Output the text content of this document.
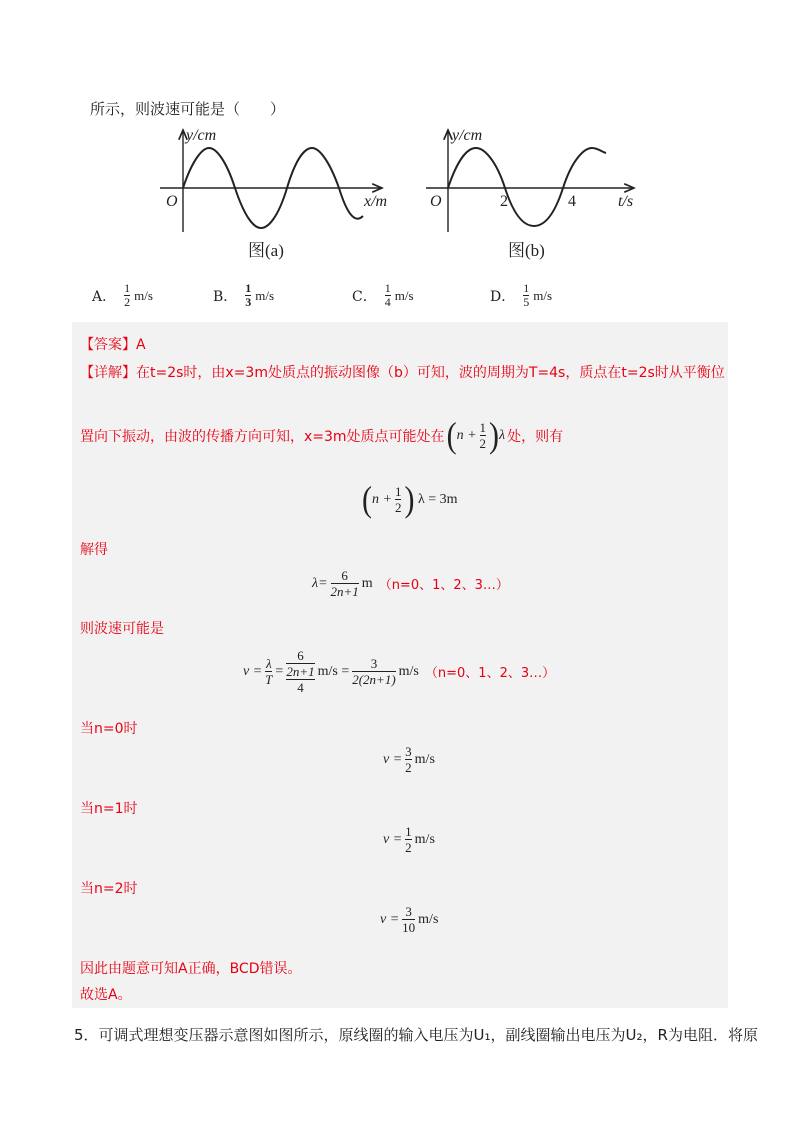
所示，则波速可能是（　　）
y/cm
O	x/m
图(a)
y/cm
O	2	4	t/s
图(b)
A． $\frac{1}{2} m/s$	B． $\frac{1}{3} m/s$	C． $\frac{1}{4} m/s$	D． $\frac{1}{5} m/s$
【答案】A
【详解】在t=2s时，由x=3m处质点的振动图像（b）可知，波的周期为T=4s，质点在t=2s时从平衡位
置向下振动，由波的传播方向可知，x=3m处质点可能处在 ( n + 1
2 ) λ 处，则有
( n + 1
2 )
λ = 3m
解得
λ= 6
2n+1
m （n=0、1、2、3…）
则波速可能是
v = λ
T
=
6
2n+1
4
m/s = 3
2(2n+1)
m/s （n=0、1、2、3…）
当n=0时
v = 3
2
m/s
当n=1时
v = 1
2
m/s
当n=2时
v = 3
10
m/s
因此由题意可知A正确，BCD错误。
故选A。
5．可调式理想变压器示意图如图所示，原线圈的输入电压为U₁，副线圈输出电压为U₂，R为电阻．将原
